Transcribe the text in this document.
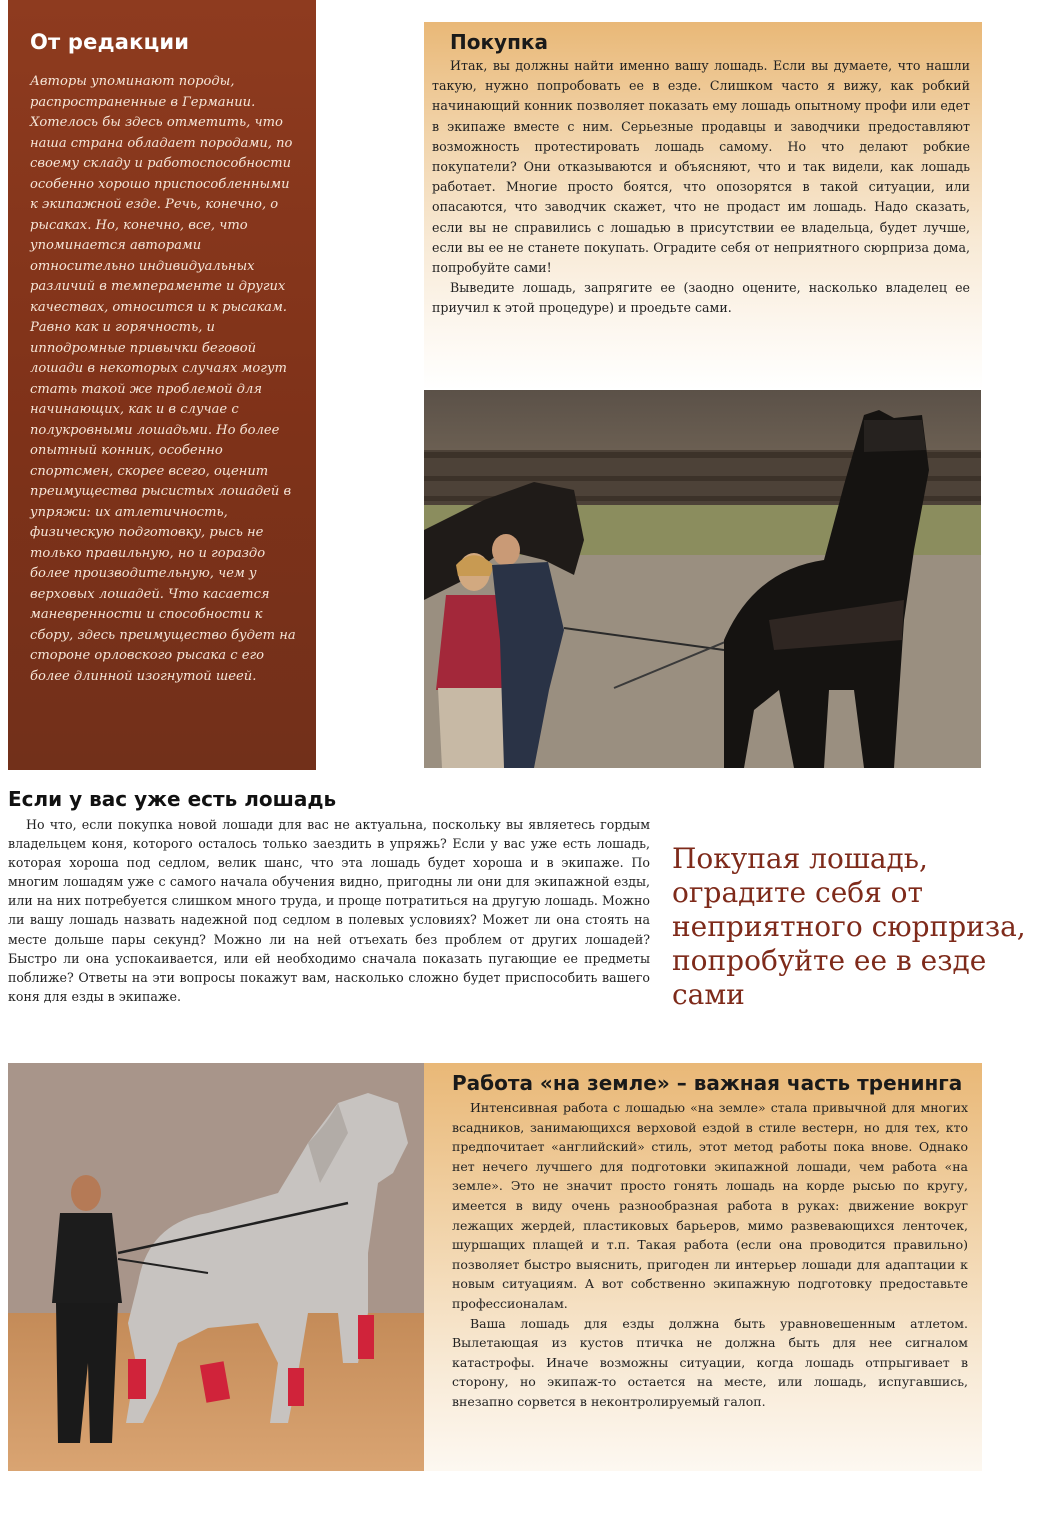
От редакции

Авторы упоминают породы, распространенные в Германии. Хотелось бы здесь отметить, что наша страна обладает породами, по своему складу и работоспособности особенно хорошо приспособленными к экипажной езде. Речь, конечно, о рысаках. Но, конечно, все, что упоминается авторами относительно индивидуальных различий в темпераменте и других качествах, относится и к рысакам. Равно как и горячность, и ипподромные привычки беговой лошади в некоторых случаях могут стать такой же проблемой для начинающих, как и в случае с полукровными лошадьми. Но более опытный конник, особенно спортсмен, скорее всего, оценит преимущества рысистых лошадей в упряжи: их атлетичность, физическую подготовку, рысь не только правильную, но и гораздо более производительную, чем у верховых лошадей. Что касается маневренности и способности к сбору, здесь преимущество будет на стороне орловского рысака с его более длинной изогнутой шеей.

Покупка

Итак, вы должны найти именно вашу лошадь. Если вы думаете, что нашли такую, нужно попробовать ее в езде. Слишком часто я вижу, как робкий начинающий конник позволяет показать ему лошадь опытному профи или едет в экипаже вместе с ним. Серьезные продавцы и заводчики предоставляют возможность протестировать лошадь самому. Но что делают робкие покупатели? Они отказываются и объясняют, что и так видели, как лошадь работает. Многие просто боятся, что опозорятся в такой ситуации, или опасаются, что заводчик скажет, что не продаст им лошадь. Надо сказать, если вы не справились с лошадью в присутствии ее владельца, будет лучше, если вы ее не станете покупать. Оградите себя от неприятного сюрприза дома, попробуйте сами!

Выведите лошадь, запрягите ее (заодно оцените, насколько владелец ее приучил к этой процедуре) и проедьте сами.

Если у вас уже есть лошадь

Но что, если покупка новой лошади для вас не актуальна, поскольку вы являетесь гордым владельцем коня, которого осталось только заездить в упряжь? Если у вас уже есть лошадь, которая хороша под седлом, велик шанс, что эта лошадь будет хороша и в экипаже. По многим лошадям уже с самого начала обучения видно, пригодны ли они для экипажной езды, или на них потребуется слишком много труда, и проще потратиться на другую лошадь. Можно ли вашу лошадь назвать надежной под седлом в полевых условиях? Может ли она стоять на месте дольше пары секунд? Можно ли на ней отъехать без проблем от других лошадей? Быстро ли она успокаивается, или ей необходимо сначала показать пугающие ее предметы поближе? Ответы на эти вопросы покажут вам, насколько сложно будет приспособить вашего коня для езды в экипаже.

Покупая лошадь, оградите себя от неприятного сюрприза, попробуйте ее в езде сами
Работа «на земле» – важная часть тренинга

Интенсивная работа с лошадью «на земле» стала привычной для многих всадников, занимающихся верховой ездой в стиле вестерн, но для тех, кто предпочитает «английский» стиль, этот метод работы пока внове. Однако нет нечего лучшего для подготовки экипажной лошади, чем работа «на земле». Это не значит просто гонять лошадь на корде рысью по кругу, имеется в виду очень разнообразная работа в руках: движение вокруг лежащих жердей, пластиковых барьеров, мимо развевающихся ленточек, шуршащих плащей и т.п. Такая работа (если она проводится правильно) позволяет быстро выяснить, пригоден ли интерьер лошади для адаптации к новым ситуациям. А вот собственно экипажную подготовку предоставьте профессионалам.

Ваша лошадь для езды должна быть уравновешенным атлетом. Вылетающая из кустов птичка не должна быть для нее сигналом катастрофы. Иначе возможны ситуации, когда лошадь отпрыгивает в сторону, но экипаж-то остается на месте, или лошадь, испугавшись, внезапно сорвется в неконтролируемый галоп.
